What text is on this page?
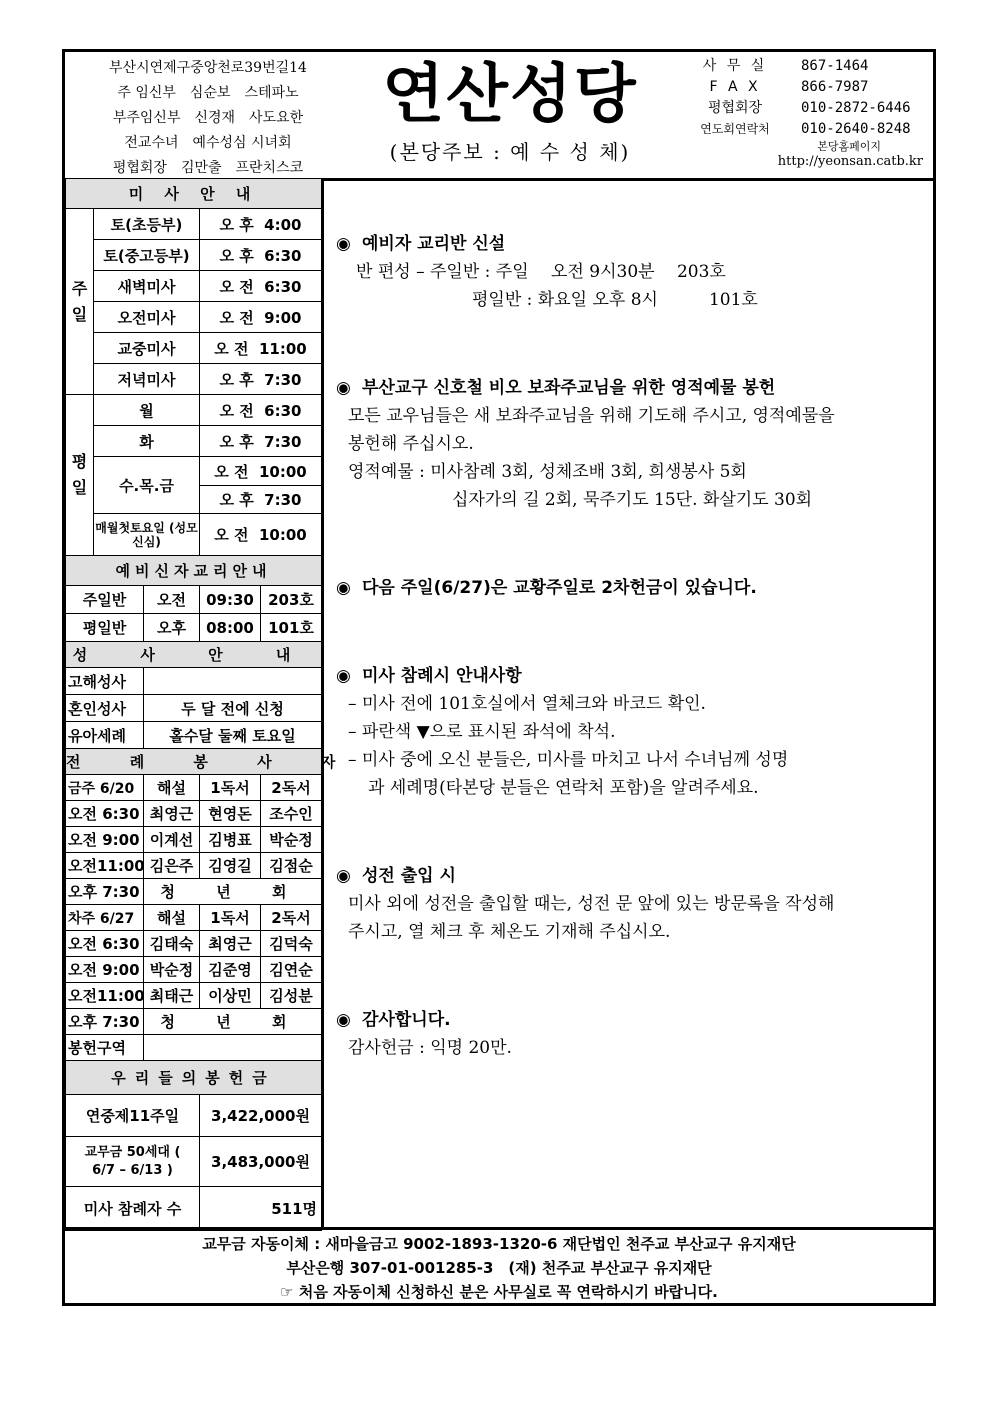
부산시연제구중앙천로39번길14
주 임신부　심순보　스테파노
부주임신부　신경재　사도요한
전교수녀　예수성심 시녀회
평협회장　김만출　프란치스코
연산성당
(본당주보 : 예 수 성 체)
사 무 실	867-1464
F A X	866-7987
평협회장	010-2872-6446
연도회연락처	010-2640-8248
본당홈페이지
http://yeonsan.catb.kr
미 사 안 내				
주일	토(초등부)		오 후 4:00	
	토(중고등부)		오 후 6:30	
	새벽미사		오 전 6:30	
	오전미사		오 전 9:00	
	교중미사		오 전 11:00	
	저녁미사		오 후 7:30	
평일	월		오 전 6:30	
	화		오 후 7:30	
	수.목.금		오 전 10:00	
			오 후 7:30	
	매월첫토요일 (성모신심)		오 전 10:00	
예비신자교리안내				
주일반		오전	09:30	203호
평일반		오후	08:00	101호
성 사 안 내				
고해성사				
혼인성사		두 달 전에 신청		
유아세례		홀수달 둘째 토요일		
전 례 봉 사 자				
금주 6/20		해설	1독서	2독서
오전 6:30		최영근	현영돈	조수인
오전 9:00		이계선	김병표	박순정
오전11:00		김은주	김영길	김점순
오후 7:30		청 년 회		
차주 6/27		해설	1독서	2독서
오전 6:30		김태숙	최영근	김덕숙
오전 9:00		박순정	김준영	김연순
오전11:00		최태근	이상민	김성분
오후 7:30		청 년 회		
봉헌구역				
우리들의봉헌금				
연중제11주일			3,422,000원	
교무금 50세대 ( 6/7 – 6/13 )			3,483,000원	
미사 참례자 수			511명	
◉ 예비자 교리반 신설

반 편성 – 주일반 : 주일　 오전 9시30분　 203호

평일반 : 화요일 오후 8시　　　101호

◉ 부산교구 신호철 비오 보좌주교님을 위한 영적예물 봉헌

모든 교우님들은 새 보좌주교님을 위해 기도해 주시고, 영적예물을

봉헌해 주십시오.

영적예물 : 미사참례 3회, 성체조배 3회, 희생봉사 5회

십자가의 길 2회, 묵주기도 15단. 화살기도 30회

◉ 다음 주일(6/27)은 교황주일로 2차헌금이 있습니다.
◉ 미사 참례시 안내사항

– 미사 전에 101호실에서 열체크와 바코드 확인.

– 파란색 ▼으로 표시된 좌석에 착석.

– 미사 중에 오신 분들은, 미사를 마치고 나서 수녀님께 성명

과 세례명(타본당 분들은 연락처 포함)을 알려주세요.

◉ 성전 출입 시

미사 외에 성전을 출입할 때는, 성전 문 앞에 있는 방문록을 작성해

주시고, 열 체크 후 체온도 기재해 주십시오.

◉ 감사합니다.

감사헌금 : 익명 20만.

교무금 자동이체 : 새마을금고 9002-1893-1320-6 재단법인 천주교 부산교구 유지재단
부산은행 307-01-001285-3　(재) 천주교 부산교구 유지재단
☞ 처음 자동이체 신청하신 분은 사무실로 꼭 연락하시기 바랍니다.
